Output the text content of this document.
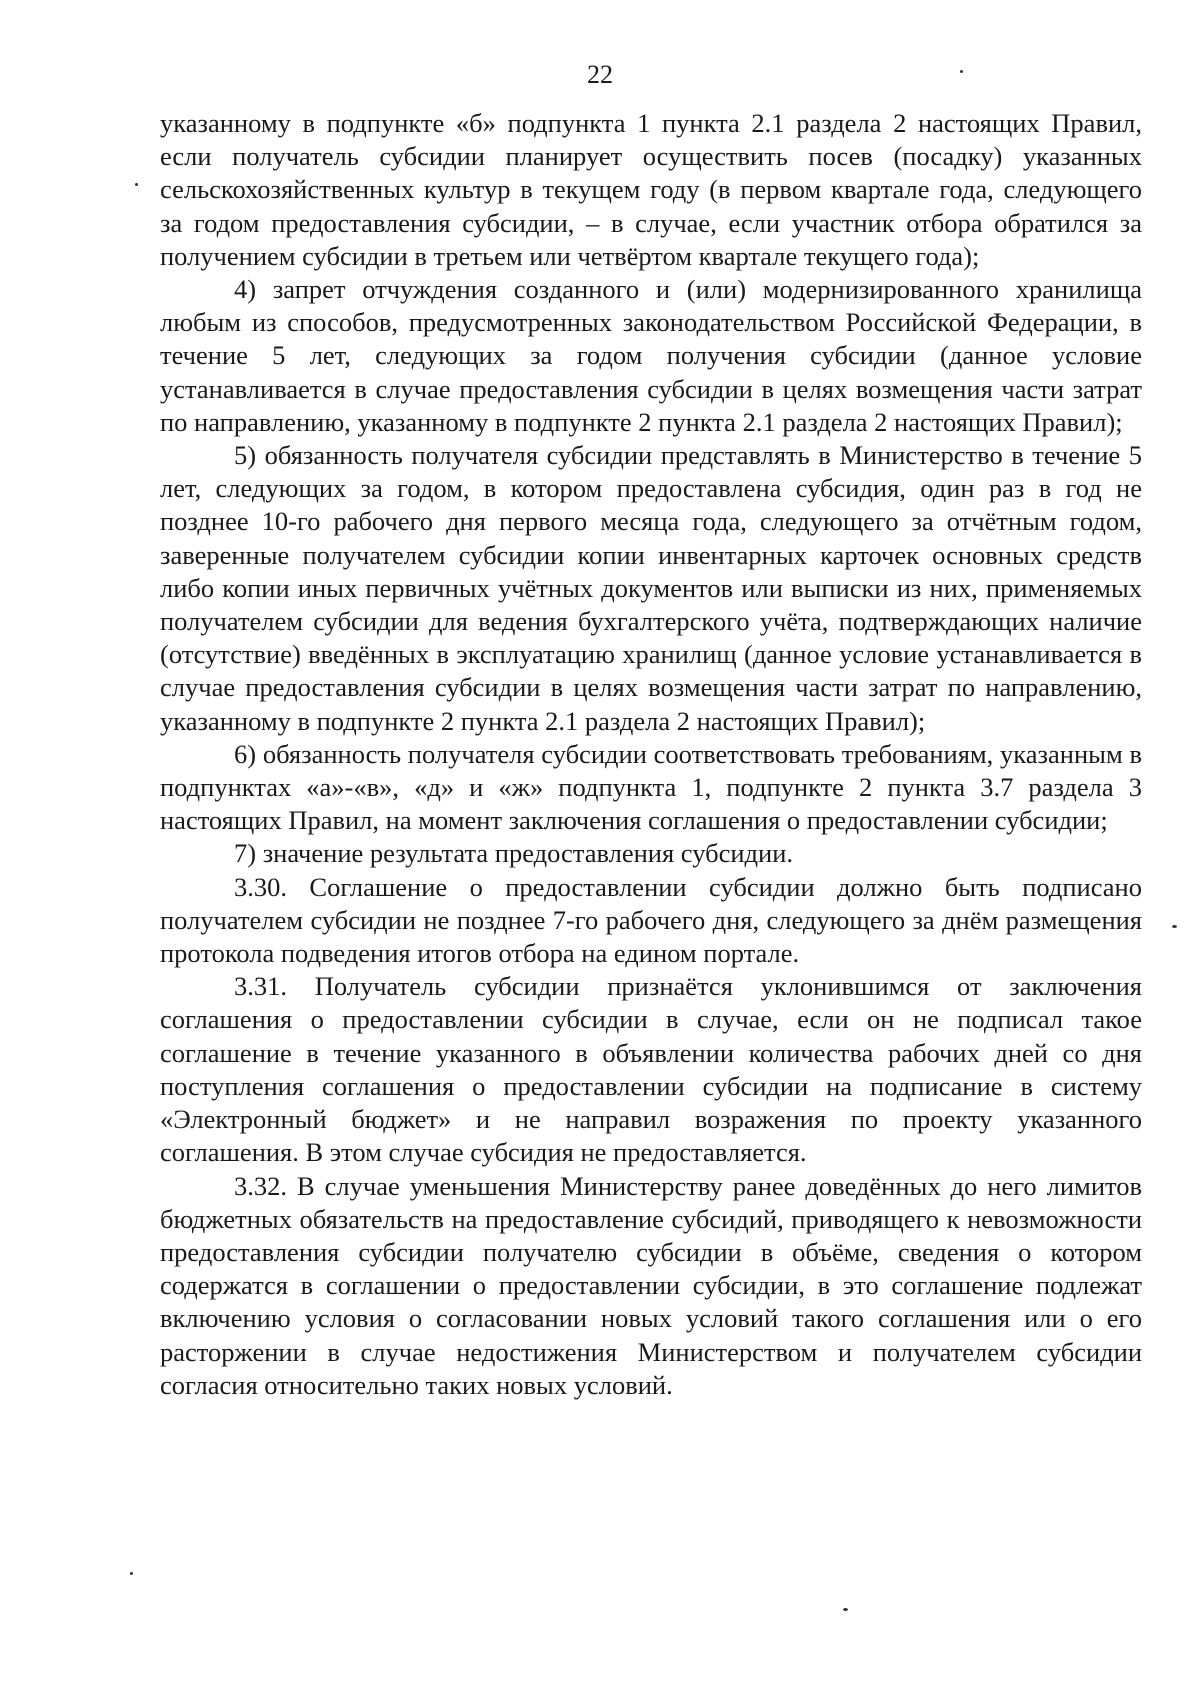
22

указанному в подпункте «б» подпункта 1 пункта 2.1 раздела 2 настоящих Правил, если получатель субсидии планирует осуществить посев (посадку) указанных сельскохозяйственных культур в текущем году (в первом квартале года, следующего за годом предоставления субсидии, – в случае, если участник отбора обратился за получением субсидии в третьем или четвёртом квартале текущего года);

4) запрет отчуждения созданного и (или) модернизированного хранилища любым из способов, предусмотренных законодательством Российской Федерации, в течение 5 лет, следующих за годом получения субсидии (данное условие устанавливается в случае предоставления субсидии в целях возмещения части затрат по направлению, указанному в подпункте 2 пункта 2.1 раздела 2 настоящих Правил);

5) обязанность получателя субсидии представлять в Министерство в течение 5 лет, следующих за годом, в котором предоставлена субсидия, один раз в год не позднее 10-го рабочего дня первого месяца года, следующего за отчётным годом, заверенные получателем субсидии копии инвентарных карточек основных средств либо копии иных первичных учётных документов или выписки из них, применяемых получателем субсидии для ведения бухгалтерского учёта, подтверждающих наличие (отсутствие) введённых в эксплуатацию хранилищ (данное условие устанавливается в случае предоставления субсидии в целях возмещения части затрат по направлению, указанному в подпункте 2 пункта 2.1 раздела 2 настоящих Правил);

6) обязанность получателя субсидии соответствовать требованиям, указанным в подпунктах «а»-«в», «д» и «ж» подпункта 1, подпункте 2 пункта 3.7 раздела 3 настоящих Правил, на момент заключения соглашения о предоставлении субсидии;

7) значение результата предоставления субсидии.

3.30. Соглашение о предоставлении субсидии должно быть подписано получателем субсидии не позднее 7-го рабочего дня, следующего за днём размещения протокола подведения итогов отбора на едином портале.

3.31. Получатель субсидии признаётся уклонившимся от заключения соглашения о предоставлении субсидии в случае, если он не подписал такое соглашение в течение указанного в объявлении количества рабочих дней со дня поступления соглашения о предоставлении субсидии на подписание в систему «Электронный бюджет» и не направил возражения по проекту указанного соглашения. В этом случае субсидия не предоставляется.

3.32. В случае уменьшения Министерству ранее доведённых до него лимитов бюджетных обязательств на предоставление субсидий, приводящего к невозможности предоставления субсидии получателю субсидии в объёме, сведения о котором содержатся в соглашении о предоставлении субсидии, в это соглашение подлежат включению условия о согласовании новых условий такого соглашения или о его расторжении в случае недостижения Министерством и получателем субсидии согласия относительно таких новых условий.
